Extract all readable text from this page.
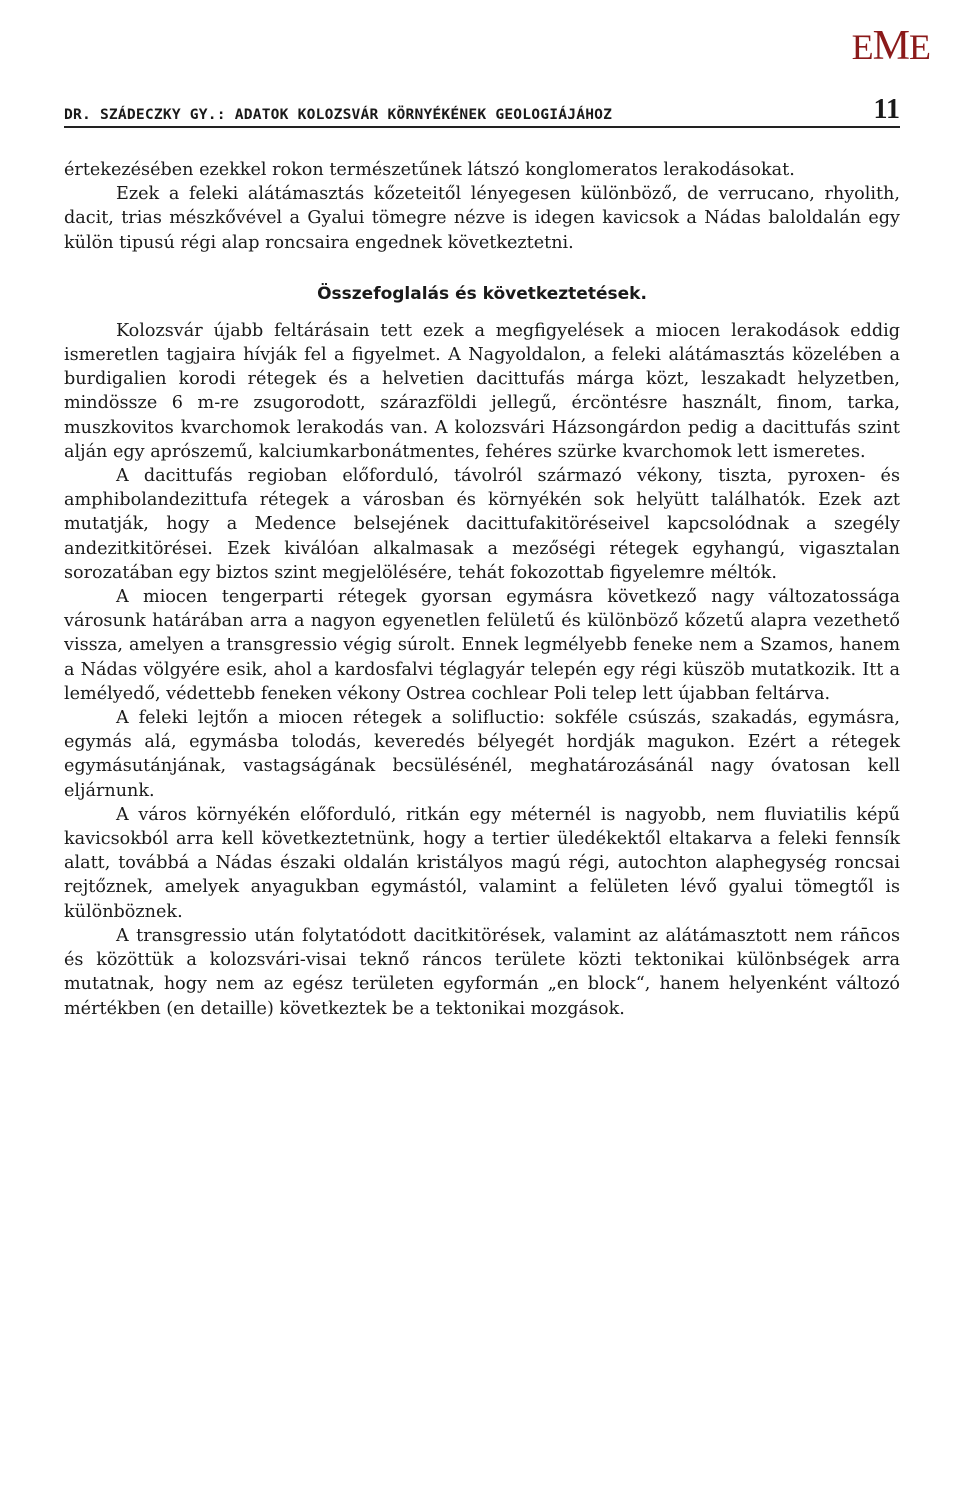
EME
DR. SZÁDECZKY GY.: ADATOK KOLOZSVÁR KÖRNYÉKÉNEK GEOLOGIÁJÁHOZ	11

értekezésében ezekkel rokon természetűnek látszó konglomeratos lerakodásokat.

Ezek a feleki alátámasztás kőzeteitől lényegesen különböző, de verrucano, rhyolith, dacit, trias mészkővével a Gyalui tömegre nézve is idegen kavicsok a Nádas baloldalán egy külön tipusú régi alap roncsaira engednek következtetni.

Összefoglalás és következtetések.

Kolozsvár újabb feltárásain tett ezek a megfigyelések a miocen lerakodások eddig ismeretlen tagjaira hívják fel a figyelmet. A Nagyoldalon, a feleki alátámasztás közelében a burdigalien korodi rétegek és a helvetien dacittufás márga közt, leszakadt helyzetben, mindössze 6 m-re zsugorodott, szárazföldi jellegű, ércöntésre használt, finom, tarka, muszkovitos kvarchomok lerakodás van. A kolozsvári Házsongárdon pedig a dacittufás szint alján egy aprószemű, kalciumkarbonátmentes, fehéres szürke kvarchomok lett ismeretes.

A dacittufás regioban előforduló, távolról származó vékony, tiszta, pyroxen- és amphibolandezittufa rétegek a városban és környékén sok helyütt találhatók. Ezek azt mutatják, hogy a Medence belsejének dacittufakitöréseivel kapcsolódnak a szegély andezitkitörései. Ezek kiválóan alkalmasak a mezőségi rétegek egyhangú, vigasztalan sorozatában egy biztos szint megjelölésére, tehát fokozottab figyelemre méltók.

A miocen tengerparti rétegek gyorsan egymásra következő nagy változatossága városunk határában arra a nagyon egyenetlen felületű és különböző kőzetű alapra vezethető vissza, amelyen a transgressio végig súrolt. Ennek legmélyebb feneke nem a Szamos, hanem a Nádas völgyére esik, ahol a kardosfalvi téglagyár telepén egy régi küszöb mutatkozik. Itt a lemélyedő, védettebb feneken vékony Ostrea cochlear Poli telep lett újabban feltárva.

A feleki lejtőn a miocen rétegek a solifluctio: sokféle csúszás, szakadás, egymásra, egymás alá, egymásba tolodás, keveredés bélyegét hordják magukon. Ezért a rétegek egymásutánjának, vastagságának becsülésénél, meghatározásánál nagy óvatosan kell eljárnunk.

A város környékén előforduló, ritkán egy méternél is nagyobb, nem fluviatilis képű kavicsokból arra kell következtetnünk, hogy a tertier üledékektől eltakarva a feleki fennsík alatt, továbbá a Nádas északi oldalán kristályos magú régi, autochton alaphegység roncsai rejtőznek, amelyek anyagukban egymástól, valamint a felületen lévő gyalui tömegtől is különböznek.

A transgressio után folytatódott dacitkitörések, valamint az alátámasztott nem rán̄cos és közöttük a kolozsvári-visai teknő ráncos területe közti tektonikai különbségek arra mutatnak, hogy nem az egész területen egyformán „en block“, hanem helyenként változó mértékben (en detaille) következtek be a tektonikai mozgások.
